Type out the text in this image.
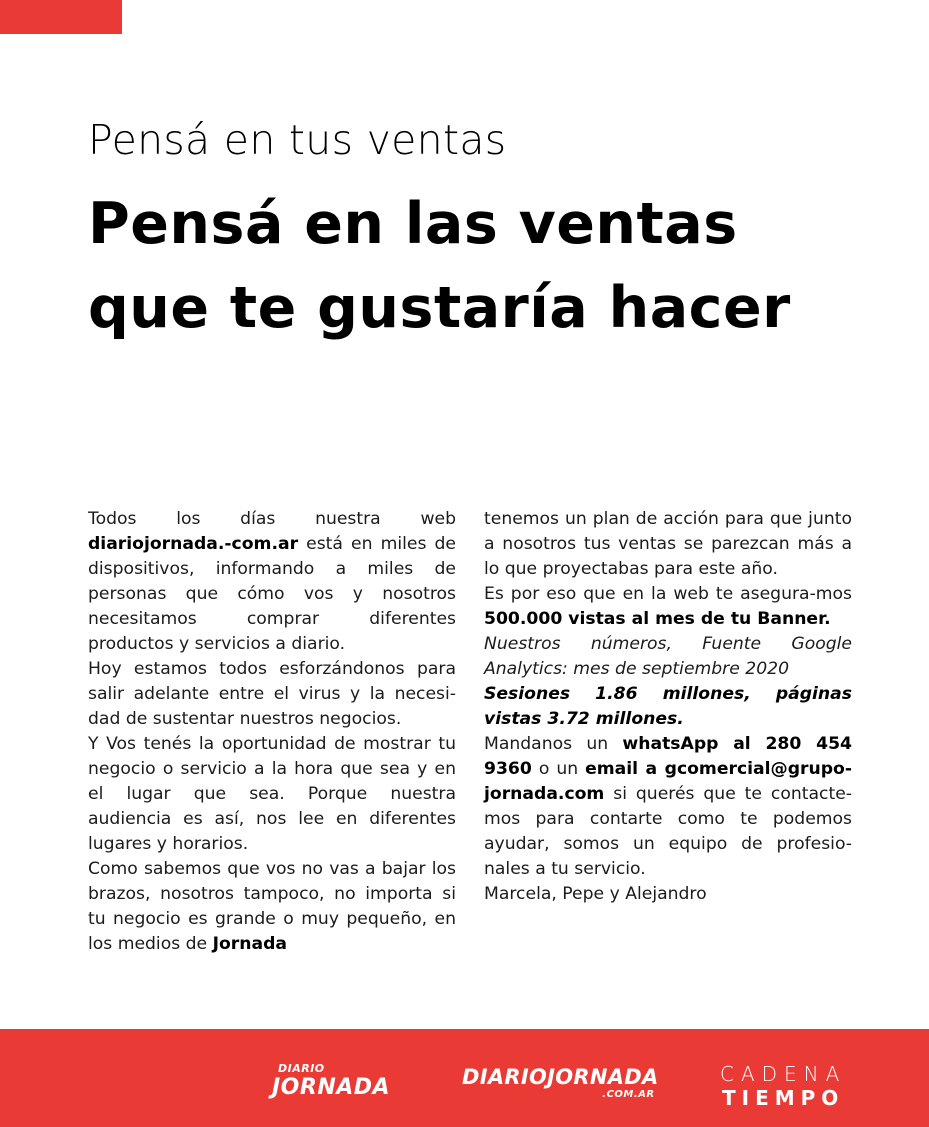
Pensá en tus ventas
Pensá en las ventas
que te gustaría hacer

Todos los días nuestra web diariojornada.-com.ar está en miles de dispositivos, informando a miles de personas que cómo vos y nosotros necesitamos comprar diferentes productos y servicios a diario.

Hoy estamos todos esforzándonos para salir adelante entre el virus y la necesi-dad de sustentar nuestros negocios.

Y Vos tenés la oportunidad de mostrar tu negocio o servicio a la hora que sea y en el lugar que sea. Porque nuestra audiencia es así, nos lee en diferentes lugares y horarios.

Como sabemos que vos no vas a bajar los brazos, nosotros tampoco, no importa si tu negocio es grande o muy pequeño, en los medios de Jornada

tenemos un plan de acción para que junto a nosotros tus ventas se parezcan más a lo que proyectabas para este año.

Es por eso que en la web te asegura-mos 500.000 vistas al mes de tu Banner.

Nuestros números, Fuente Google Analytics: mes de septiembre 2020

Sesiones 1.86 millones, páginas vistas 3.72 millones.

Mandanos un whatsApp al 280 454 9360 o un email a gcomercial@grupo-jornada.com si querés que te contacte-mos para contarte como te podemos ayudar, somos un equipo de profesio-nales a tu servicio.

Marcela, Pepe y Alejandro

DIARIO
JORNADA	DIARIOJORNADA
.COM.AR
CADENA
TIEMPO
